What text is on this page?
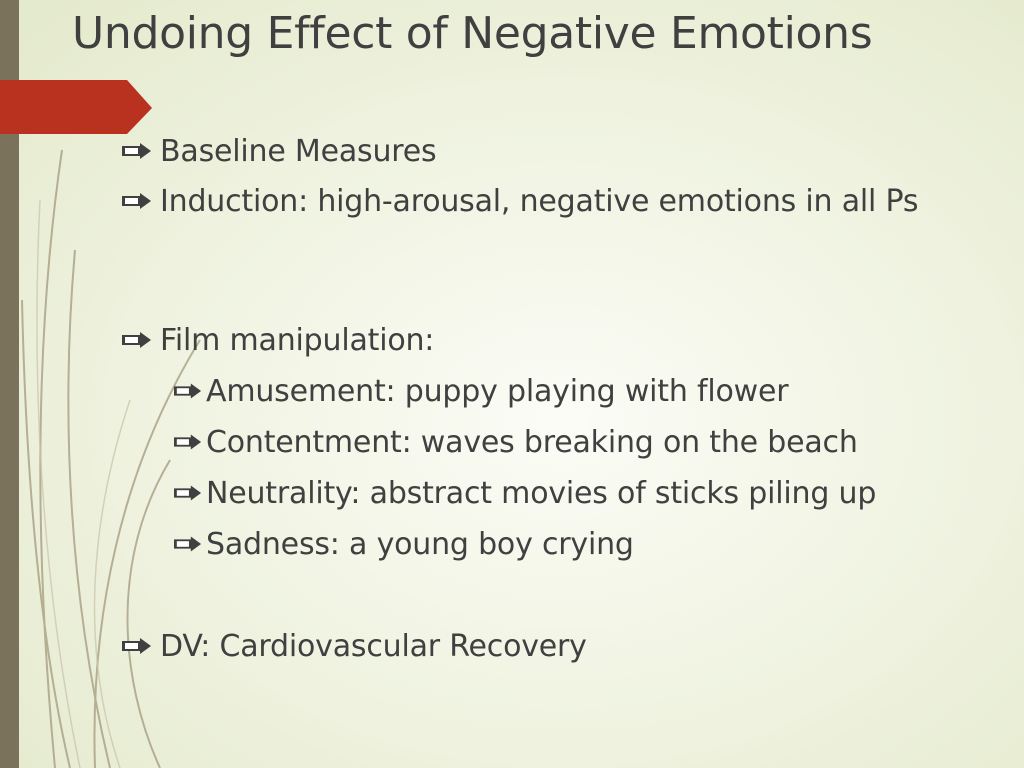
Undoing Effect of Negative Emotions
Baseline Measures
Induction: high-arousal, negative emotions in all Ps
Film manipulation:
Amusement: puppy playing with flower
Contentment: waves breaking on the beach
Neutrality: abstract movies of sticks piling up
Sadness: a young boy crying
DV: Cardiovascular Recovery
